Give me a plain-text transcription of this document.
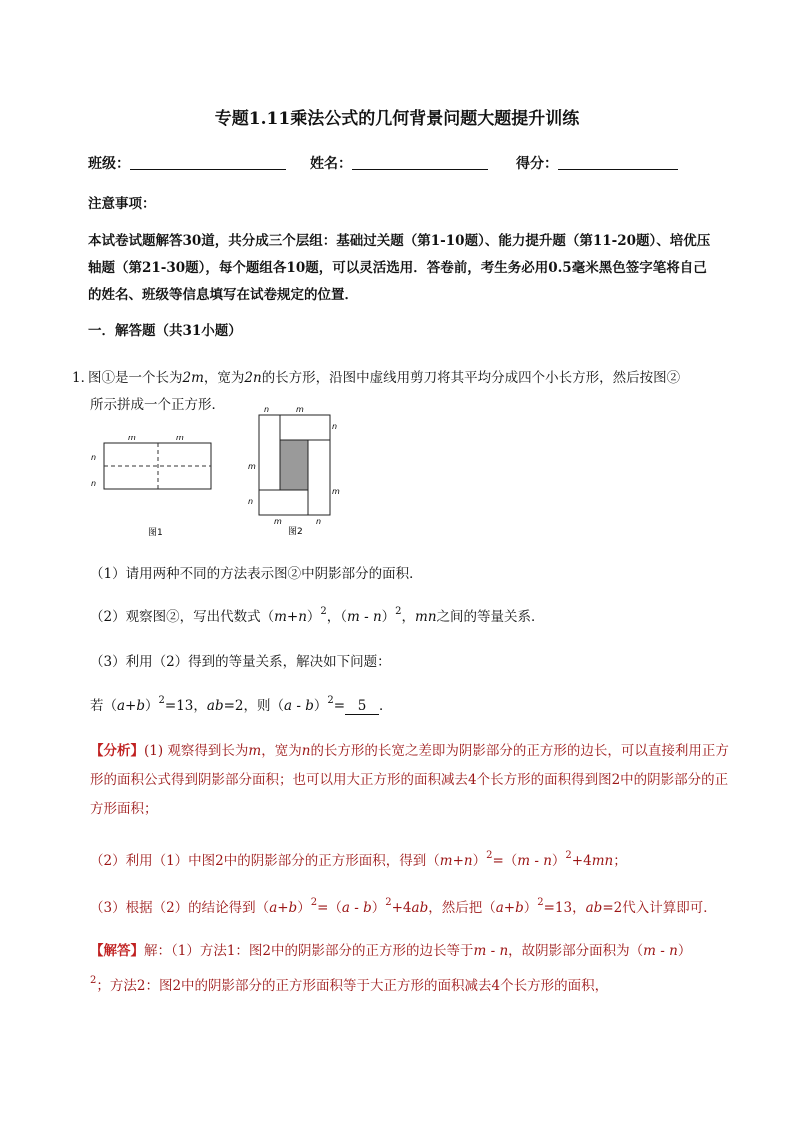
专题1.11乘法公式的几何背景问题大题提升训练
班级：	姓名：	得分：
注意事项：
本试卷试题解答30道，共分成三个层组：基础过关题（第1-10题）、能力提升题（第11-20题）、培优压轴题（第21-30题），每个题组各10题，可以灵活选用．答卷前，考生务必用0.5毫米黑色签字笔将自己的姓名、班级等信息填写在试卷规定的位置．
一．解答题（共31小题）
1．图①是一个长为2m，宽为2n的长方形，沿图中虚线用剪刀将其平均分成四个小长方形，然后按图②
所示拼成一个正方形．
m	m
n
n
图1
n	m
m
n
n
m
m	n
图2
（1）请用两种不同的方法表示图②中阴影部分的面积．
（2）观察图②，写出代数式$(m+n)^2$，（m - n）$^2$，mn之间的等量关系．
（3）利用（2）得到的等量关系，解决如下问题：
若$(a+b)^2=13$，ab=2，则（a - b）$^2$= 5 ．
【分析】(1) 观察得到长为m，宽为n的长方形的长宽之差即为阴影部分的正方形的边长，可以直接利用正方形的面积公式得到阴影部分面积；也可以用大正方形的面积减去4个长方形的面积得到图2中的阴影部分的正方形面积；
（2）利用（1）中图2中的阴影部分的正方形面积，得到$(m+n)^2=(m - n)^2+4mn$；
（3）根据（2）的结论得到$(a+b)^2=(a - b)^2+4ab$，然后把$(a+b)^2=13$，ab=2代入计算即可．
【解答】解：（1）方法1：图2中的阴影部分的正方形的边长等于m - n，故阴影部分面积为（m - n）
$^2$；方法2：图2中的阴影部分的正方形面积等于大正方形的面积减去4个长方形的面积，
